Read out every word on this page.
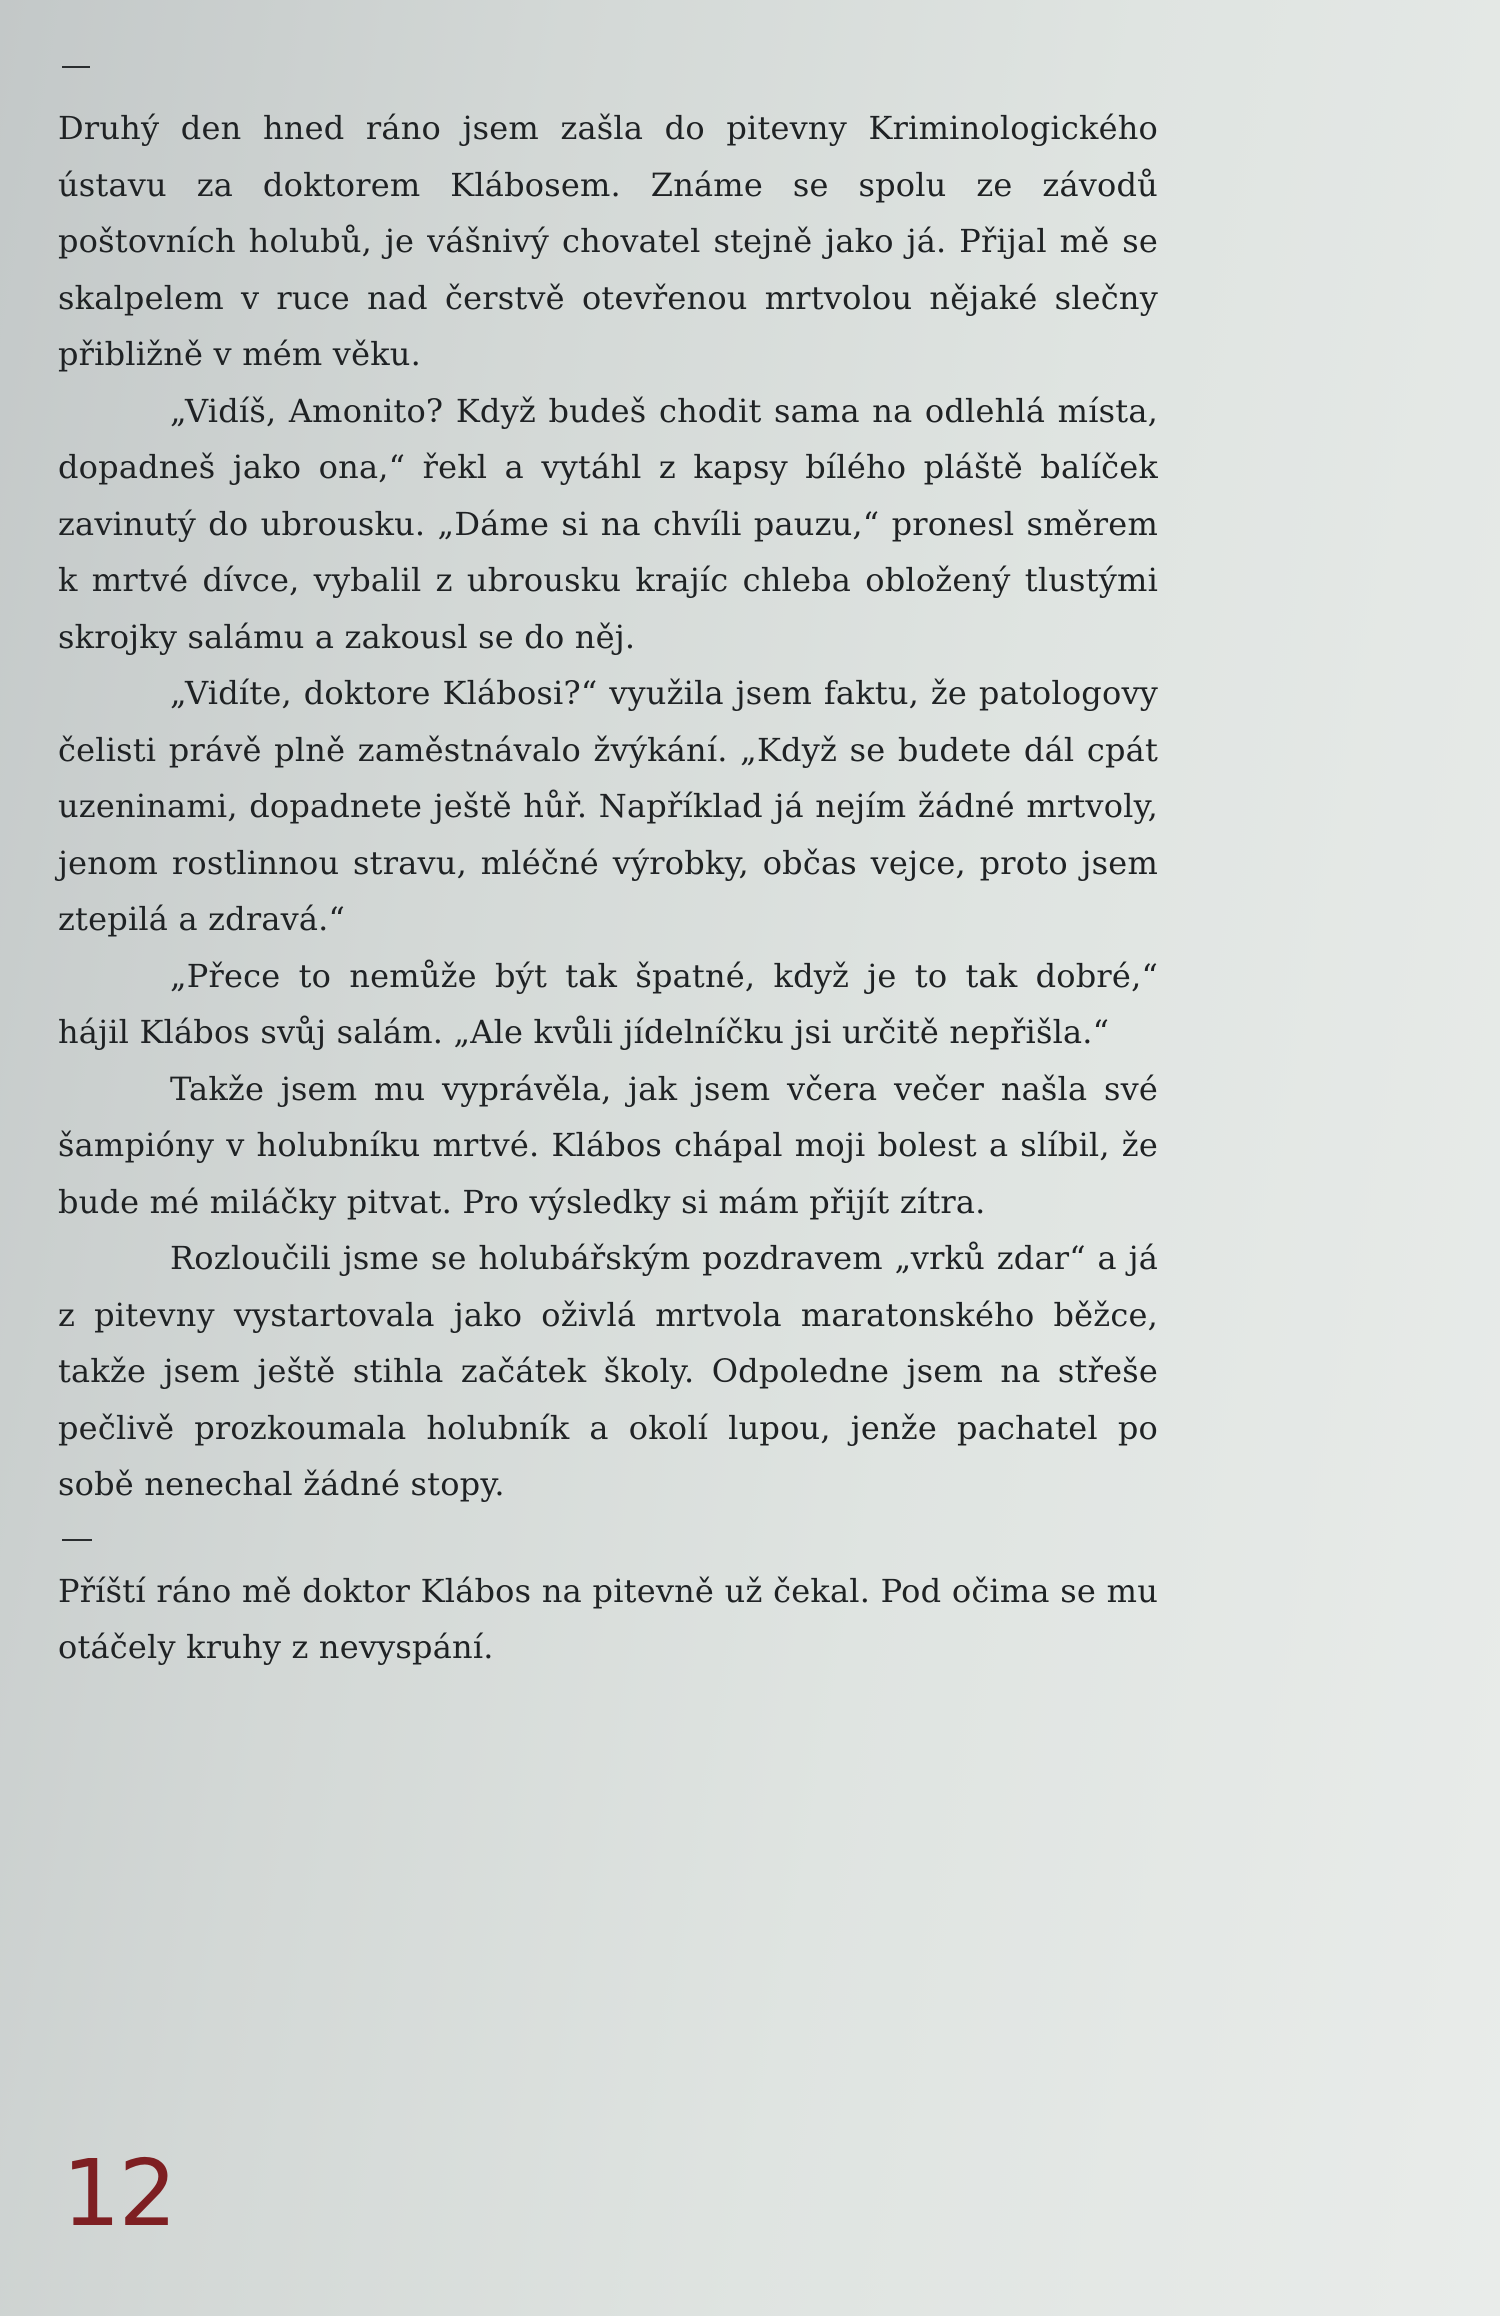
Druhý den hned ráno jsem zašla do pitevny Kriminologického ústavu za doktorem Klábosem. Známe se spolu ze závodů poštovních holubů, je vášnivý chovatel stejně jako já. Přijal mě se skalpelem v ruce nad čerstvě otevřenou mrtvolou nějaké slečny přibližně v mém věku.

„Vidíš, Amonito? Když budeš chodit sama na odlehlá místa, dopadneš jako ona,“ řekl a vytáhl z kapsy bílého pláště balíček zavinutý do ubrousku. „Dáme si na chvíli pauzu,“ pronesl směrem k mrtvé dívce, vybalil z ubrousku krajíc chleba obložený tlustými skrojky salámu a zakousl se do něj.

„Vidíte, doktore Klábosi?“ využila jsem faktu, že patologovy čelisti právě plně zaměstnávalo žvýkání. „Když se budete dál cpát uzeninami, dopadnete ještě hůř. Například já nejím žádné mrtvoly, jenom rostlinnou stravu, mléčné výrobky, občas vejce, proto jsem ztepilá a zdravá.“

„Přece to nemůže být tak špatné, když je to tak dobré,“ hájil Klábos svůj salám. „Ale kvůli jídelníčku jsi určitě nepřišla.“

Takže jsem mu vyprávěla, jak jsem včera večer našla své šampióny v holubníku mrtvé. Klábos chápal moji bolest a slíbil, že bude mé miláčky pitvat. Pro výsledky si mám přijít zítra.

Rozloučili jsme se holubářským pozdravem „vrků zdar“ a já z pitevny vystartovala jako oživlá mrtvola maratonského běžce, takže jsem ještě stihla začátek školy. Odpoledne jsem na střeše pečlivě prozkoumala holubník a okolí lupou, jenže pachatel po sobě nenechal žádné stopy.

Příští ráno mě doktor Klábos na pitevně už čekal. Pod očima se mu otáčely kruhy z nevyspání.

12
